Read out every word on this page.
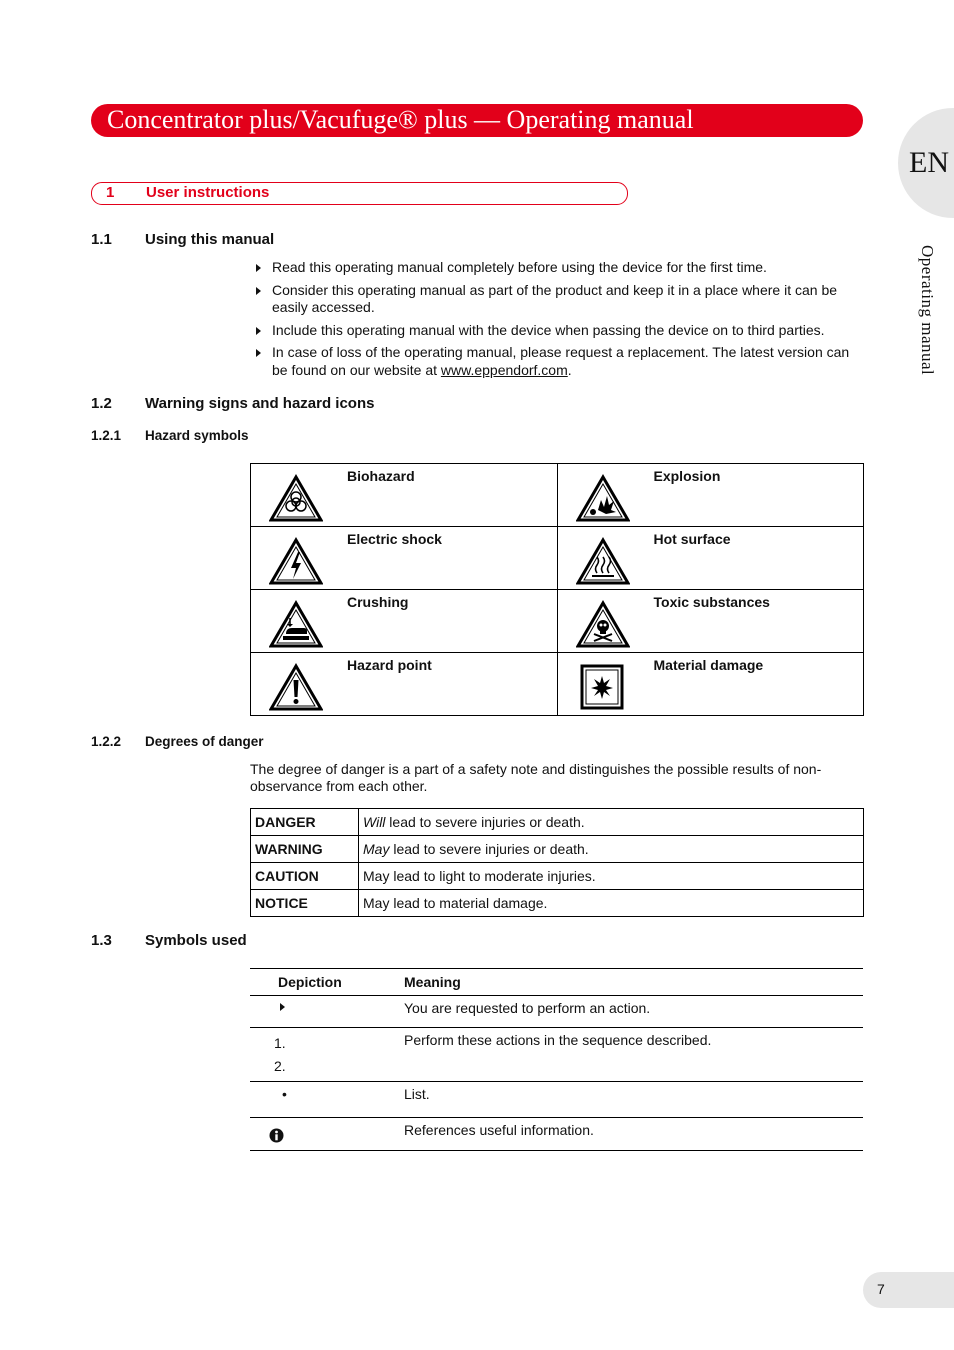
Concentrator plus/Vacufuge® plus — Operating manual
EN
Operating manual
1 User instructions
1.1 Using this manual
Read this operating manual completely before using the device for the first time.
Consider this operating manual as part of the product and keep it in a place where it can be easily accessed.
Include this operating manual with the device when passing the device on to third parties.
In case of loss of the operating manual, please request a replacement. The latest version can be found on our website at www.eppendorf.com.
1.2 Warning signs and hazard icons
1.2.1 Hazard symbols
Biohazard	Explosion

Electric shock	Hot surface

Crushing	Toxic substances

Hazard point	Material damage
1.2.2 Degrees of danger
The degree of danger is a part of a safety note and distinguishes the possible results of non-observance from each other.
DANGER	Will lead to severe injuries or death.
WARNING	May lead to severe injuries or death.
CAUTION	May lead to light to moderate injuries.
NOTICE	May lead to material damage.
1.3 Symbols used
Depiction	Meaning

	You are requested to perform an action.

1.
2.	Perform these actions in the sequence described.
•	List.

	References useful information.
7
